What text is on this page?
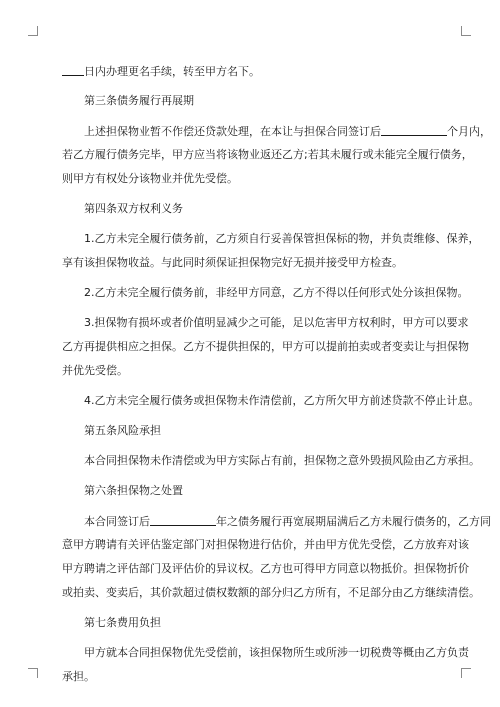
日内办理更名手续，转至甲方名下。
第三条债务履行再展期
上述担保物业暂不作偿还贷款处理，在本让与担保合同签订后	个月内，
若乙方履行债务完毕，甲方应当将该物业返还乙方;若其未履行或未能完全履行债务，
则甲方有权处分该物业并优先受偿。
第四条双方权利义务
1.乙方未完全履行债务前，乙方须自行妥善保管担保标的物，并负责维修、保养，
享有该担保物收益。与此同时须保证担保物完好无损并接受甲方检查。
2.乙方未完全履行债务前，非经甲方同意，乙方不得以任何形式处分该担保物。
3.担保物有损坏或者价值明显减少之可能，足以危害甲方权利时，甲方可以要求
乙方再提供相应之担保。乙方不提供担保的，甲方可以提前拍卖或者变卖让与担保物
并优先受偿。
4.乙方未完全履行债务或担保物未作清偿前，乙方所欠甲方前述贷款不停止计息。
第五条风险承担
本合同担保物未作清偿或为甲方实际占有前，担保物之意外毁损风险由乙方承担。
第六条担保物之处置
本合同签订后	年之债务履行再宽展期届满后乙方未履行债务的，乙方同
意甲方聘请有关评估鉴定部门对担保物进行估价，并由甲方优先受偿，乙方放弃对该
甲方聘请之评估部门及评估价的异议权。乙方也可得甲方同意以物抵价。担保物折价
或拍卖、变卖后，其价款超过债权数额的部分归乙方所有，不足部分由乙方继续清偿。
第七条费用负担
甲方就本合同担保物优先受偿前，该担保物所生或所涉一切税费等概由乙方负责
承担。
